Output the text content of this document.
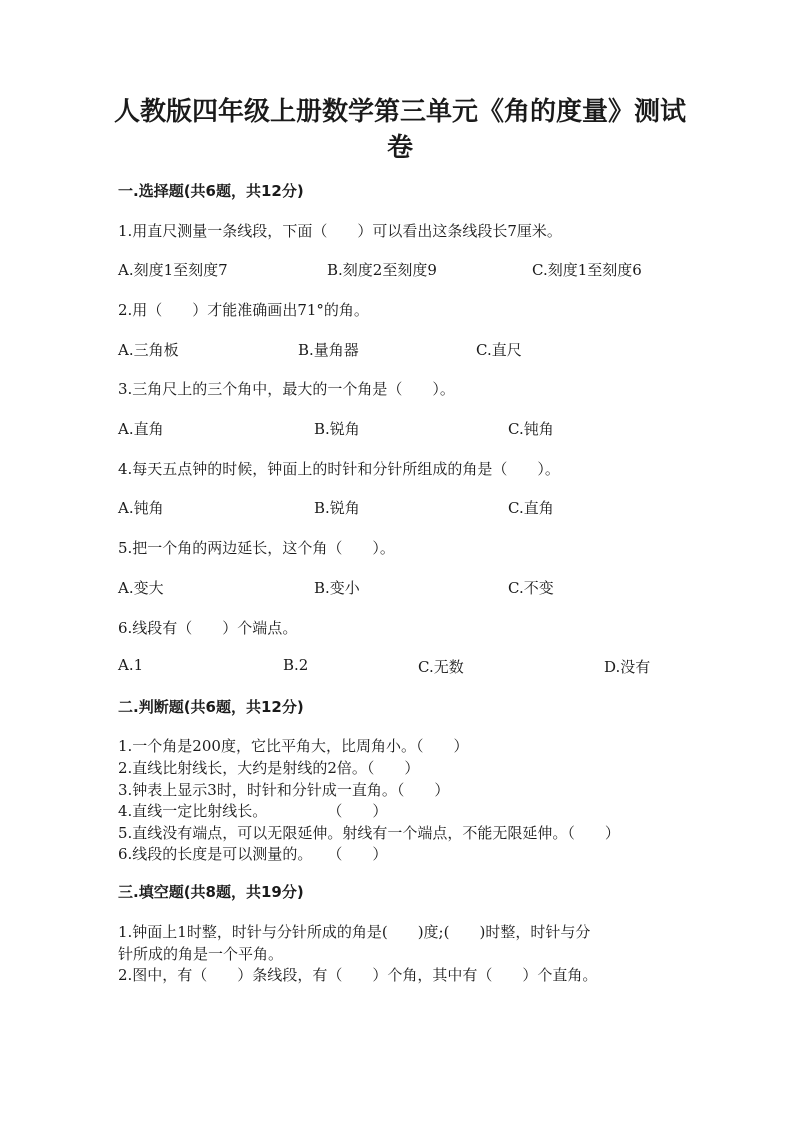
人教版四年级上册数学第三单元《角的度量》测试
卷
一.选择题(共6题，共12分)
1.用直尺测量一条线段，下面（　　）可以看出这条线段长7厘米。
A.刻度1至刻度7	B.刻度2至刻度9	C.刻度1至刻度6
2.用（　　）才能准确画出71°的角。
A.三角板	B.量角器	C.直尺
3.三角尺上的三个角中，最大的一个角是（　　）。
A.直角	B.锐角	C.钝角
4.每天五点钟的时候，钟面上的时针和分针所组成的角是（　　）。
A.钝角	B.锐角	C.直角
5.把一个角的两边延长，这个角（　　）。
A.变大	B.变小	C.不变
6.线段有（　　）个端点。
A.1	B.2	C.无数	D.没有
二.判断题(共6题，共12分)
1.一个角是200度，它比平角大，比周角小。（　　）
2.直线比射线长，大约是射线的2倍。（　　）
3.钟表上显示3时，时针和分针成一直角。（　　）
4.直线一定比射线长。　　　　　（　　）
5.直线没有端点，可以无限延伸。射线有一个端点，不能无限延伸。（　　）
6.线段的长度是可以测量的。　　（　　）
三.填空题(共8题，共19分)
1.钟面上1时整，时针与分针所成的角是(　　)度;(　　)时整，时针与分
针所成的角是一个平角。
2.图中，有（　　）条线段，有（　　）个角，其中有（　　）个直角。
